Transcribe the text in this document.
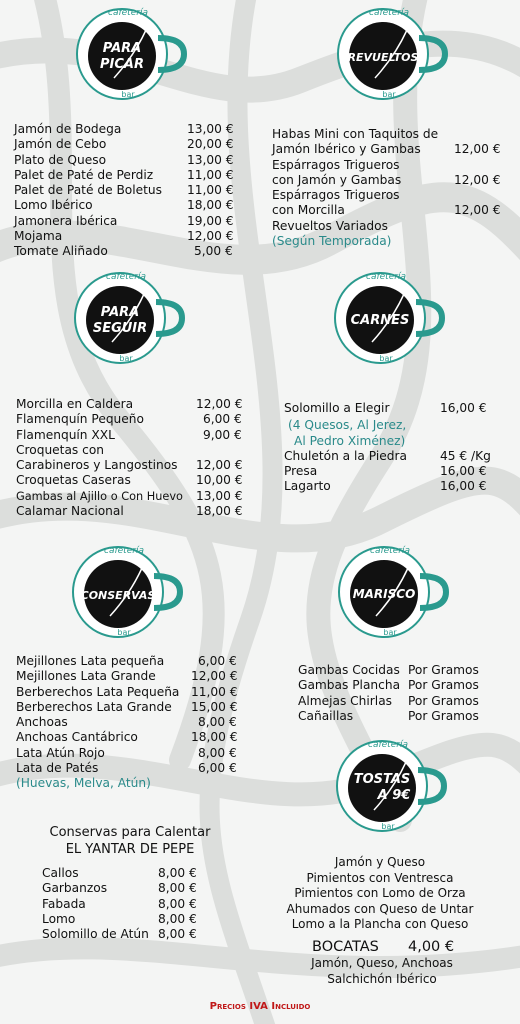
cafetería
PARA
PICAR
bar
cafetería
REVUELTOS
bar
cafetería
PARA
SEGUIR
bar
cafetería
CARNES
bar
cafetería
CONSERVAS
bar
cafetería
MARISCO
bar
cafetería
TOSTAS
A 9€
bar
Jamón de Bodega	13,00 €
Jamón de Cebo	20,00 €
Plato de Queso	13,00 €
Palet de Paté de Perdiz	11,00 €
Palet de Paté de Boletus 11,00 €
Lomo Ibérico	18,00 €
Jamonera Ibérica	19,00 €
Mojama	12,00 €
Tomate Aliñado	5,00 €
Habas Mini con Taquitos de
Jamón Ibérico y Gambas	12,00 €
Espárragos Trigueros
con Jamón y Gambas	12,00 €
Espárragos Trigueros
con Morcilla	12,00 €
Revueltos Variados
(Según Temporada)
Morcilla en Caldera	12,00 €
Flamenquín Pequeño	6,00 €
Flamenquín XXL	9,00 €
Croquetas con
Carabineros y Langostinos 12,00 €
Croquetas Caseras	10,00 €
Gambas al Ajillo o Con Huevo 13,00 €
Calamar Nacional	18,00 €
Solomillo a Elegir	16,00 €
(4 Quesos, Al Jerez,
Al Pedro Ximénez)
Chuletón a la Piedra	45 € /Kg
Presa	16,00 €
Lagarto	16,00 €
Mejillones Lata pequeña	6,00 €
Mejillones Lata Grande	12,00 €
Berberechos Lata Pequeña 11,00 €
Berberechos Lata Grande 15,00 €
Anchoas	8,00 €
Anchoas Cantábrico	18,00 €
Lata Atún Rojo	8,00 €
Lata de Patés	6,00 €
(Huevas, Melva, Atún)
Gambas Cocidas Por Gramos
Gambas Plancha Por Gramos
Almejas Chirlas Por Gramos
Cañaillas	Por Gramos
Conservas para Calentar
EL YANTAR DE PEPE
Callos	8,00 €
Garbanzos	8,00 €
Fabada	8,00 €
Lomo	8,00 €
Solomillo de Atún 8,00 €
Jamón y Queso
Pimientos con Ventresca
Pimientos con Lomo de Orza
Ahumados con Queso de Untar
Lomo a la Plancha con Queso
BOCATAS 4,00 €
Jamón, Queso, Anchoas
Salchichón Ibérico
Precios IVA Incluido
